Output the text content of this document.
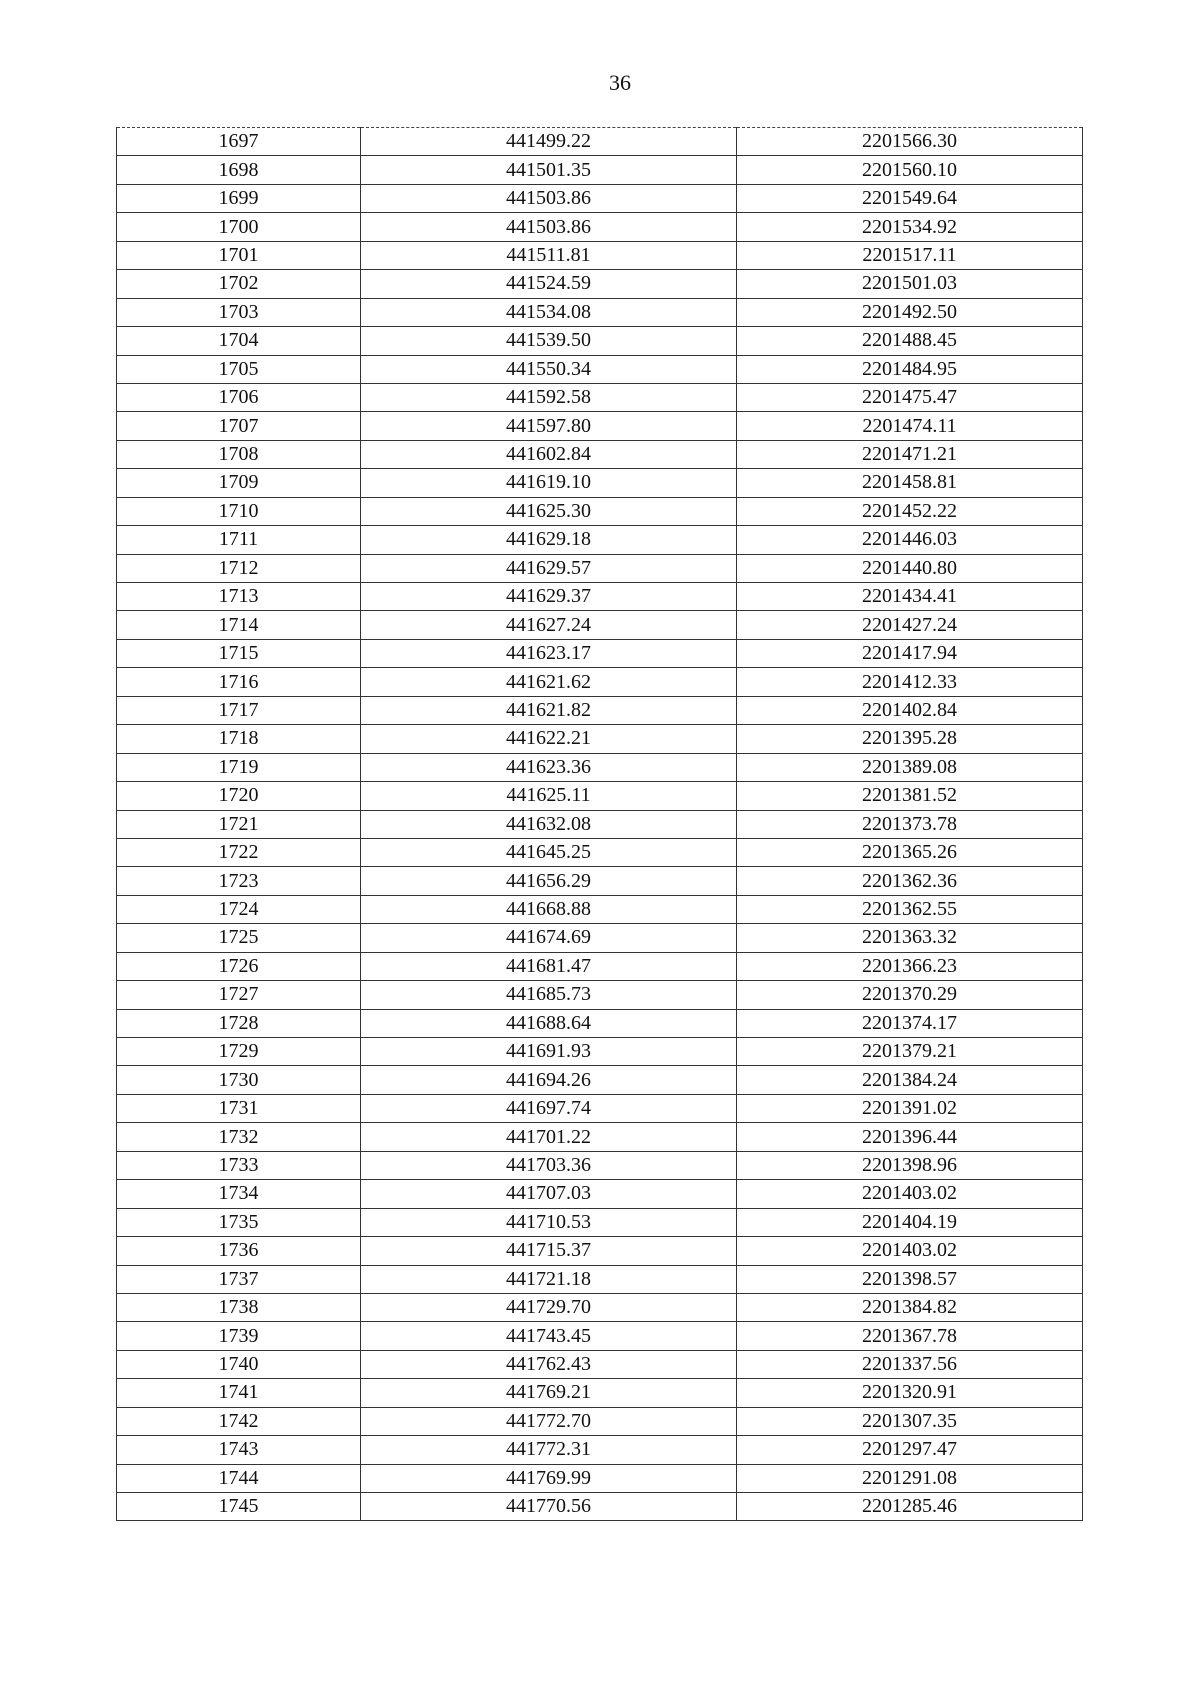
36
1697	441499.22	2201566.30
1698	441501.35	2201560.10
1699	441503.86	2201549.64
1700	441503.86	2201534.92
1701	441511.81	2201517.11
1702	441524.59	2201501.03
1703	441534.08	2201492.50
1704	441539.50	2201488.45
1705	441550.34	2201484.95
1706	441592.58	2201475.47
1707	441597.80	2201474.11
1708	441602.84	2201471.21
1709	441619.10	2201458.81
1710	441625.30	2201452.22
1711	441629.18	2201446.03
1712	441629.57	2201440.80
1713	441629.37	2201434.41
1714	441627.24	2201427.24
1715	441623.17	2201417.94
1716	441621.62	2201412.33
1717	441621.82	2201402.84
1718	441622.21	2201395.28
1719	441623.36	2201389.08
1720	441625.11	2201381.52
1721	441632.08	2201373.78
1722	441645.25	2201365.26
1723	441656.29	2201362.36
1724	441668.88	2201362.55
1725	441674.69	2201363.32
1726	441681.47	2201366.23
1727	441685.73	2201370.29
1728	441688.64	2201374.17
1729	441691.93	2201379.21
1730	441694.26	2201384.24
1731	441697.74	2201391.02
1732	441701.22	2201396.44
1733	441703.36	2201398.96
1734	441707.03	2201403.02
1735	441710.53	2201404.19
1736	441715.37	2201403.02
1737	441721.18	2201398.57
1738	441729.70	2201384.82
1739	441743.45	2201367.78
1740	441762.43	2201337.56
1741	441769.21	2201320.91
1742	441772.70	2201307.35
1743	441772.31	2201297.47
1744	441769.99	2201291.08
1745	441770.56	2201285.46
